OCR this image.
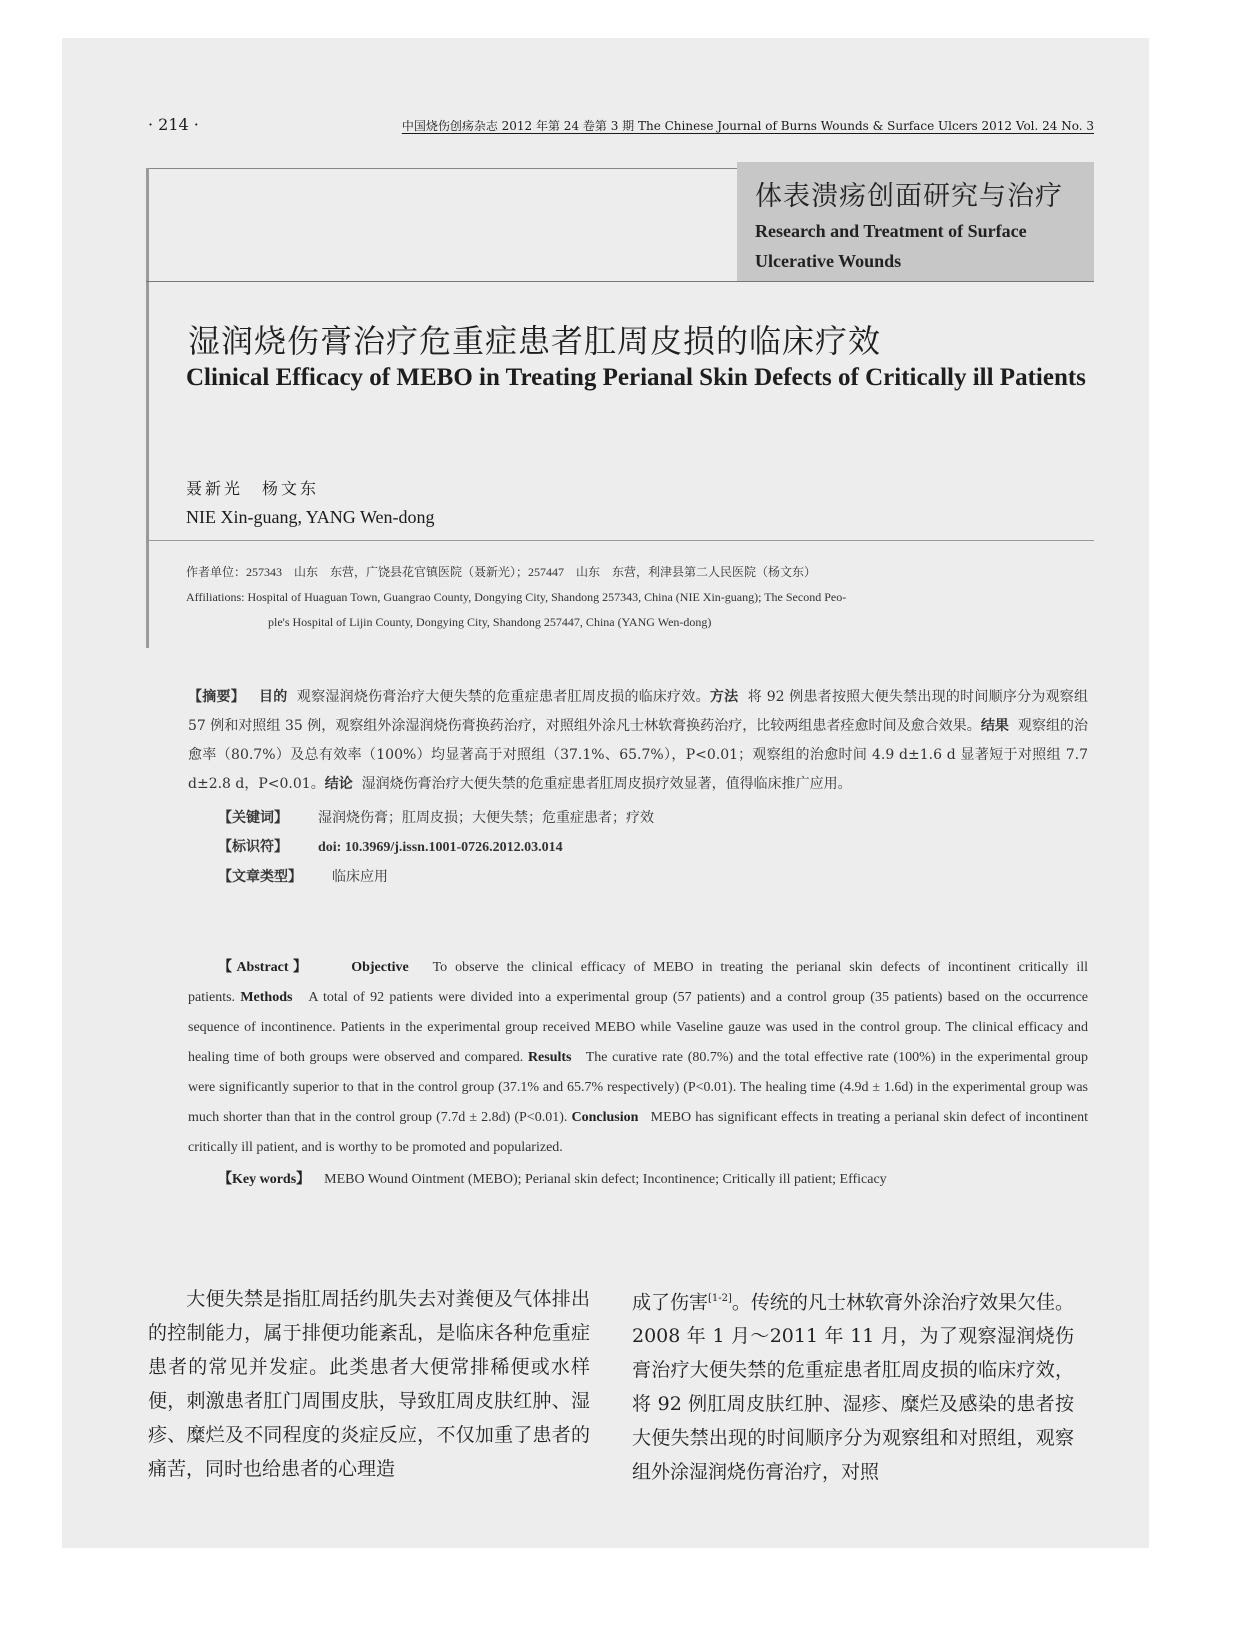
· 214 ·	中国烧伤创疡杂志 2012 年第 24 卷第 3 期 The Chinese Journal of Burns Wounds & Surface Ulcers 2012 Vol. 24 No. 3
体表溃疡创面研究与治疗
Research and Treatment of Surface Ulcerative Wounds
湿润烧伤膏治疗危重症患者肛周皮损的临床疗效
Clinical Efficacy of MEBO in Treating Perianal Skin Defects of Critically ill Patients
聂新光　杨文东
NIE Xin-guang, YANG Wen-dong
作者单位：257343　山东　东营，广饶县花官镇医院（聂新光）；257447　山东　东营，利津县第二人民医院（杨文东）
Affiliations: Hospital of Huaguan Town, Guangrao County, Dongying City, Shandong 257343, China (NIE Xin-guang); The Second Peo-
ple's Hospital of Lijin County, Dongying City, Shandong 257447, China (YANG Wen-dong)
【摘要】 目的 观察湿润烧伤膏治疗大便失禁的危重症患者肛周皮损的临床疗效。方法 将 92 例患者按照大便失禁出现的时间顺序分为观察组 57 例和对照组 35 例，观察组外涂湿润烧伤膏换药治疗，对照组外涂凡士林软膏换药治疗，比较两组患者痊愈时间及愈合效果。结果 观察组的治愈率（80.7%）及总有效率（100%）均显著高于对照组（37.1%、65.7%），P<0.01；观察组的治愈时间 4.9 d±1.6 d 显著短于对照组 7.7 d±2.8 d，P<0.01。结论 湿润烧伤膏治疗大便失禁的危重症患者肛周皮损疗效显著，值得临床推广应用。
【关键词】 湿润烧伤膏；肛周皮损；大便失禁；危重症患者；疗效
【标识符】 doi: 10.3969/j.issn.1001-0726.2012.03.014
【文章类型】 临床应用
【Abstract】	Objective To observe the clinical efficacy of MEBO in treating the perianal skin defects of incontinent critically ill patients. Methods A total of 92 patients were divided into a experimental group (57 patients) and a control group (35 patients) based on the occurrence sequence of incontinence. Patients in the experimental group received MEBO while Vaseline gauze was used in the control group. The clinical efficacy and healing time of both groups were observed and compared. Results The curative rate (80.7%) and the total effective rate (100%) in the experimental group were significantly superior to that in the control group (37.1% and 65.7% respectively) (P<0.01). The healing time (4.9d ± 1.6d) in the experimental group was much shorter than that in the control group (7.7d ± 2.8d) (P<0.01). Conclusion MEBO has significant effects in treating a perianal skin defect of incontinent critically ill patient, and is worthy to be promoted and popularized.
【Key words】 MEBO Wound Ointment (MEBO); Perianal skin defect; Incontinence; Critically ill patient; Efficacy
大便失禁是指肛周括约肌失去对粪便及气体排出的控制能力，属于排便功能紊乱，是临床各种危重症患者的常见并发症。此类患者大便常排稀便或水样便，刺激患者肛门周围皮肤，导致肛周皮肤红肿、湿疹、糜烂及不同程度的炎症反应，不仅加重了患者的痛苦，同时也给患者的心理造
成了伤害[1-2]。传统的凡士林软膏外涂治疗效果欠佳。2008 年 1 月～2011 年 11 月，为了观察湿润烧伤膏治疗大便失禁的危重症患者肛周皮损的临床疗效，将 92 例肛周皮肤红肿、湿疹、糜烂及感染的患者按大便失禁出现的时间顺序分为观察组和对照组，观察组外涂湿润烧伤膏治疗，对照
